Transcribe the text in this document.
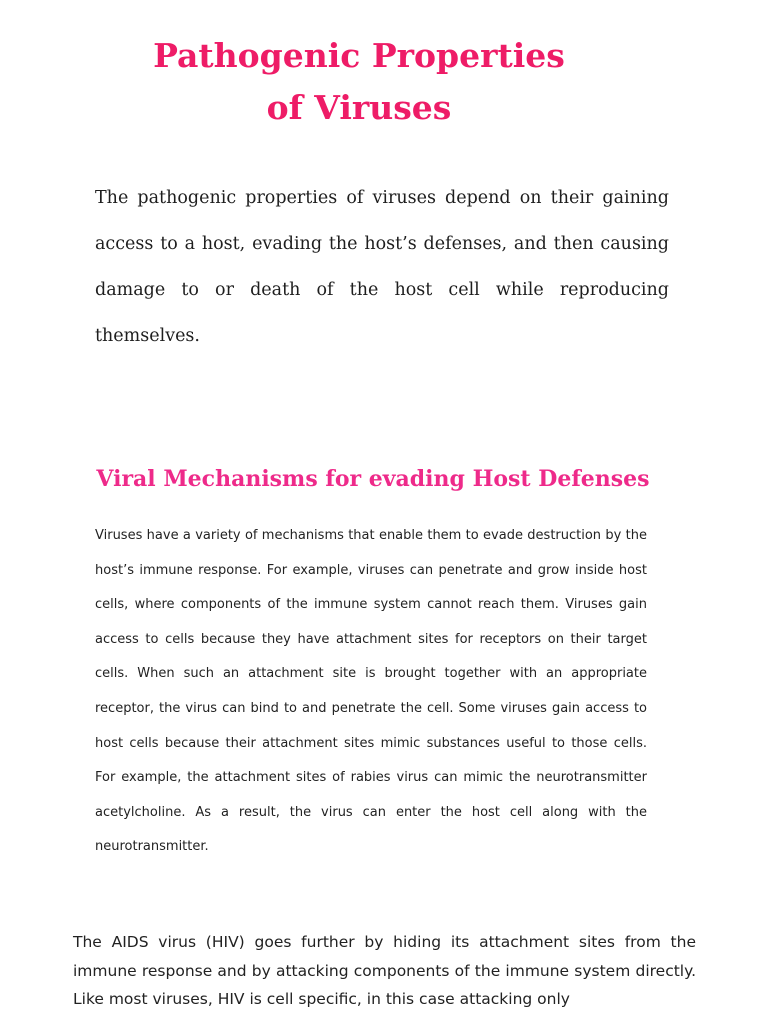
Pathogenic Properties
of Viruses

The pathogenic properties of viruses depend on their gaining access to a host, evading the host’s defenses, and then causing damage to or death of the host cell while reproducing themselves.

Viral Mechanisms for evading Host Defenses

Viruses have a variety of mechanisms that enable them to evade destruction by the host’s immune response. For example, viruses can penetrate and grow inside host cells, where components of the immune system cannot reach them. Viruses gain access to cells because they have attachment sites for receptors on their target cells. When such an attachment site is brought together with an appropriate receptor, the virus can bind to and penetrate the cell. Some viruses gain access to host cells because their attachment sites mimic substances useful to those cells. For example, the attachment sites of rabies virus can mimic the neurotransmitter acetylcholine. As a result, the virus can enter the host cell along with the neurotransmitter.

The AIDS virus (HIV) goes further by hiding its attachment sites from the immune response and by attacking components of the immune system directly. Like most viruses, HIV is cell specific, in this case attacking only
